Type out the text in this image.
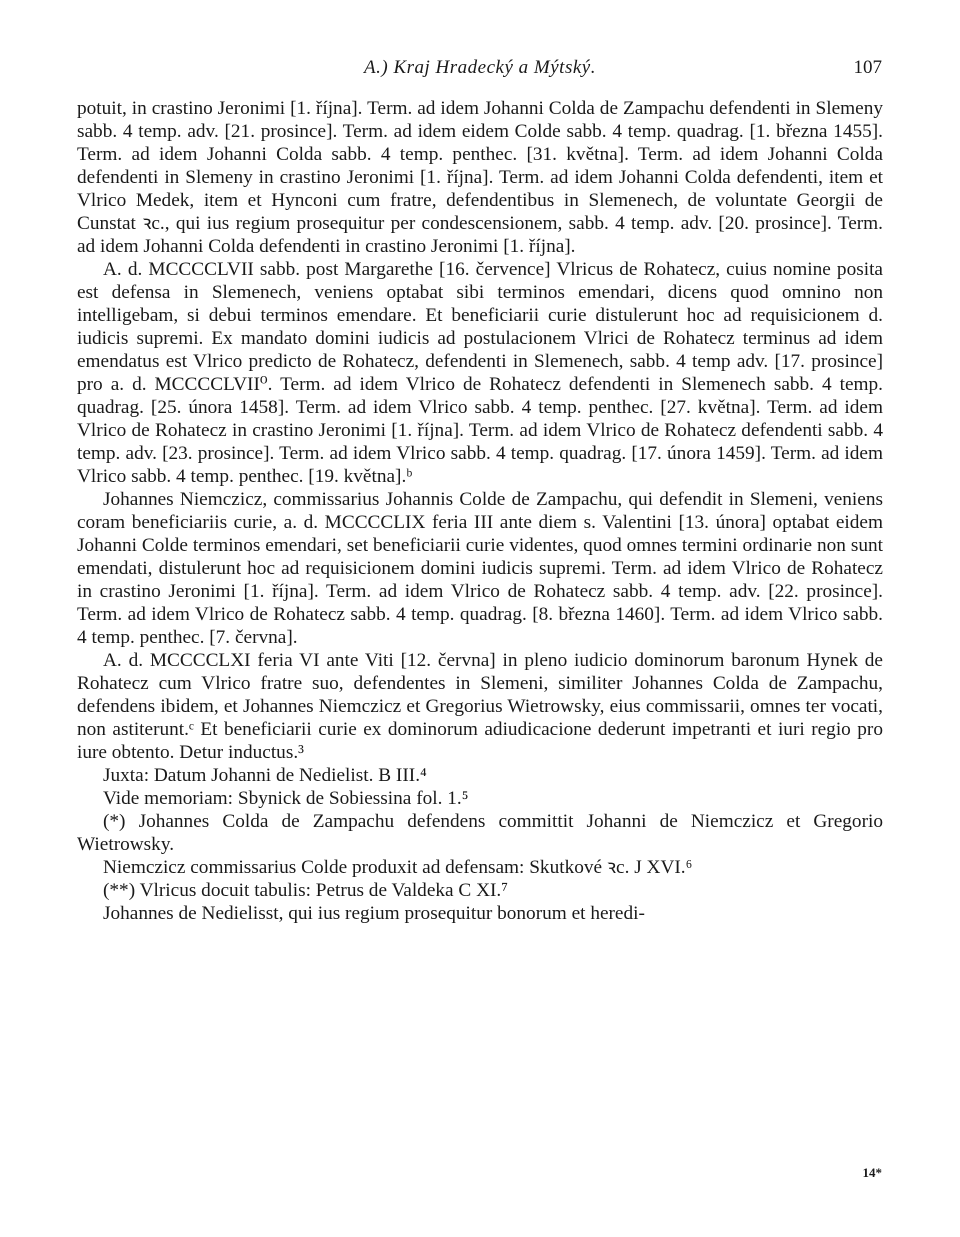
A.) Kraj Hradecký a Mýtský.	107

potuit, in crastino Jeronimi [1. října]. Term. ad idem Johanni Colda de Zampachu defendenti in Slemeny sabb. 4 temp. adv. [21. prosince]. Term. ad idem eidem Colde sabb. 4 temp. quadrag. [1. března 1455]. Term. ad idem Johanni Colda sabb. 4 temp. penthec. [31. května]. Term. ad idem Johanni Colda defendenti in Slemeny in crastino Jeronimi [1. října]. Term. ad idem Johanni Colda defendenti, item et Vlrico Medek, item et Hynconi cum fratre, defendentibus in Slemenech, de voluntate Georgii de Cunstat ꝛc., qui ius regium prosequitur per condescensionem, sabb. 4 temp. adv. [20. prosince]. Term. ad idem Johanni Colda defendenti in crastino Jeronimi [1. října].

A. d. MCCCCLVII sabb. post Margarethe [16. července] Vlricus de Rohatecz, cuius nomine posita est defensa in Slemenech, veniens optabat sibi terminos emendari, dicens quod omnino non intelligebam, si debui terminos emendare. Et beneficiarii curie distulerunt hoc ad requisicionem d. iudicis supremi. Ex mandato domini iudicis ad postulacionem Vlrici de Rohatecz terminus ad idem emendatus est Vlrico predicto de Rohatecz, defendenti in Slemenech, sabb. 4 temp adv. [17. prosince] pro a. d. MCCCCLVII⁰. Term. ad idem Vlrico de Rohatecz defendenti in Slemenech sabb. 4 temp. quadrag. [25. února 1458]. Term. ad idem Vlrico sabb. 4 temp. penthec. [27. května]. Term. ad idem Vlrico de Rohatecz in crastino Jeronimi [1. října]. Term. ad idem Vlrico de Rohatecz defendenti sabb. 4 temp. adv. [23. prosince]. Term. ad idem Vlrico sabb. 4 temp. quadrag. [17. února 1459]. Term. ad idem Vlrico sabb. 4 temp. penthec. [19. května].ᵇ

Johannes Niemczicz, commissarius Johannis Colde de Zampachu, qui defendit in Slemeni, veniens coram beneficiariis curie, a. d. MCCCCLIX feria III ante diem s. Valentini [13. února] optabat eidem Johanni Colde terminos emendari, set beneficiarii curie videntes, quod omnes termini ordinarie non sunt emendati, distulerunt hoc ad requisicionem domini iudicis supremi. Term. ad idem Vlrico de Rohatecz in crastino Jeronimi [1. října]. Term. ad idem Vlrico de Rohatecz sabb. 4 temp. adv. [22. prosince]. Term. ad idem Vlrico de Rohatecz sabb. 4 temp. quadrag. [8. března 1460]. Term. ad idem Vlrico sabb. 4 temp. penthec. [7. června].

A. d. MCCCCLXI feria VI ante Viti [12. června] in pleno iudicio dominorum baronum Hynek de Rohatecz cum Vlrico fratre suo, defendentes in Slemeni, similiter Johannes Colda de Zampachu, defendens ibidem, et Johannes Niemczicz et Gregorius Wietrowsky, eius commissarii, omnes ter vocati, non astiterunt.ᶜ Et beneficiarii curie ex dominorum adiudicacione dederunt impetranti et iuri regio pro iure obtento. Detur inductus.³

Juxta: Datum Johanni de Nedielist. B III.⁴

Vide memoriam: Sbynick de Sobiessina fol. 1.⁵

(*) Johannes Colda de Zampachu defendens committit Johanni de Niemczicz et Gregorio Wietrowsky.

Niemczicz commissarius Colde produxit ad defensam: Skutkové ꝛc. J XVI.⁶

(**) Vlricus docuit tabulis: Petrus de Valdeka C XI.⁷

Johannes de Nedielisst, qui ius regium prosequitur bonorum et heredi-

14*
